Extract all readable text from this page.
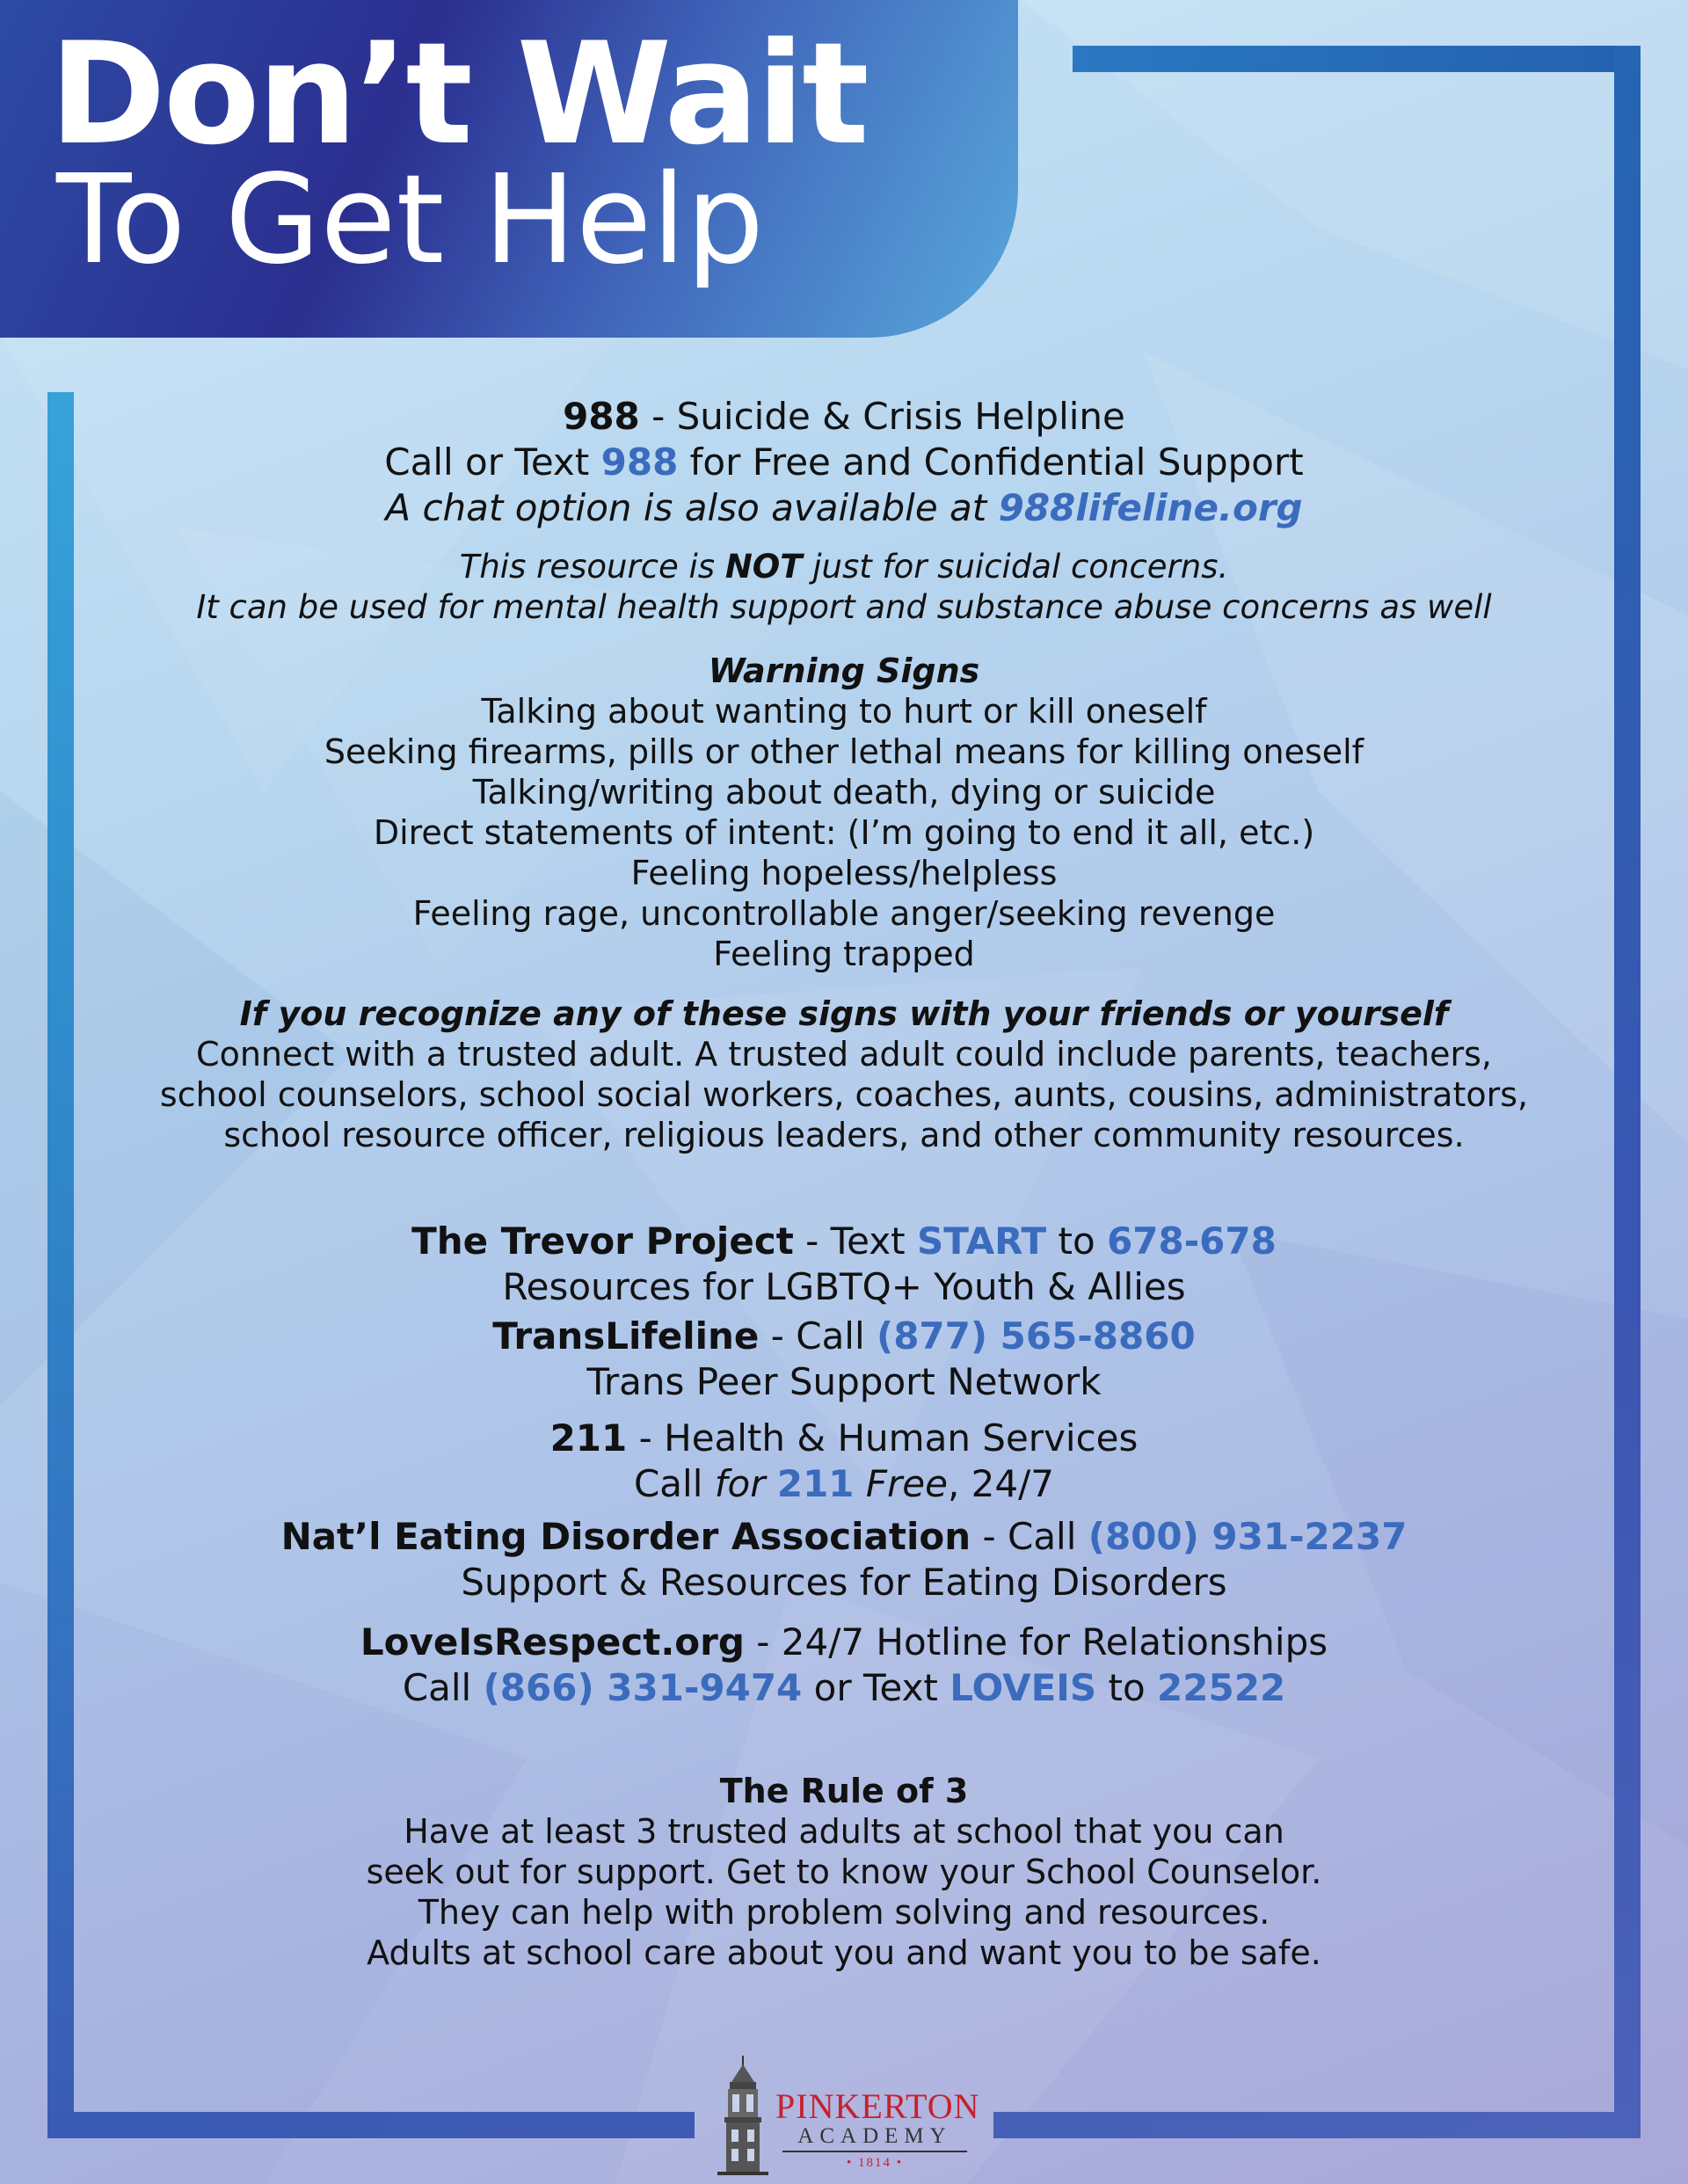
Don’t Wait
To Get Help

988 - Suicide & Crisis Helpline

Call or Text 988 for Free and Confidential Support

A chat option is also available at 988lifeline.org

This resource is NOT just for suicidal concerns.

It can be used for mental health support and substance abuse concerns as well

Warning Signs

Talking about wanting to hurt or kill oneself

Seeking firearms, pills or other lethal means for killing oneself

Talking/writing about death, dying or suicide

Direct statements of intent: (I’m going to end it all, etc.)

Feeling hopeless/helpless

Feeling rage, uncontrollable anger/seeking revenge

Feeling trapped

If you recognize any of these signs with your friends or yourself

Connect with a trusted adult. A trusted adult could include parents, teachers,

school counselors, school social workers, coaches, aunts, cousins, administrators,

school resource officer, religious leaders, and other community resources.

The Trevor Project - Text START to 678-678

Resources for LGBTQ+ Youth & Allies

TransLifeline - Call (877) 565-8860

Trans Peer Support Network

211 - Health & Human Services

Call for 211 Free, 24/7

Nat’l Eating Disorder Association - Call (800) 931-2237

Support & Resources for Eating Disorders

LoveIsRespect.org - 24/7 Hotline for Relationships

Call (866) 331-9474 or Text LOVEIS to 22522

The Rule of 3

Have at least 3 trusted adults at school that you can

seek out for support. Get to know your School Counselor.

They can help with problem solving and resources.

Adults at school care about you and want you to be safe.

PINKERTON
ACADEMY
• 1814 •
